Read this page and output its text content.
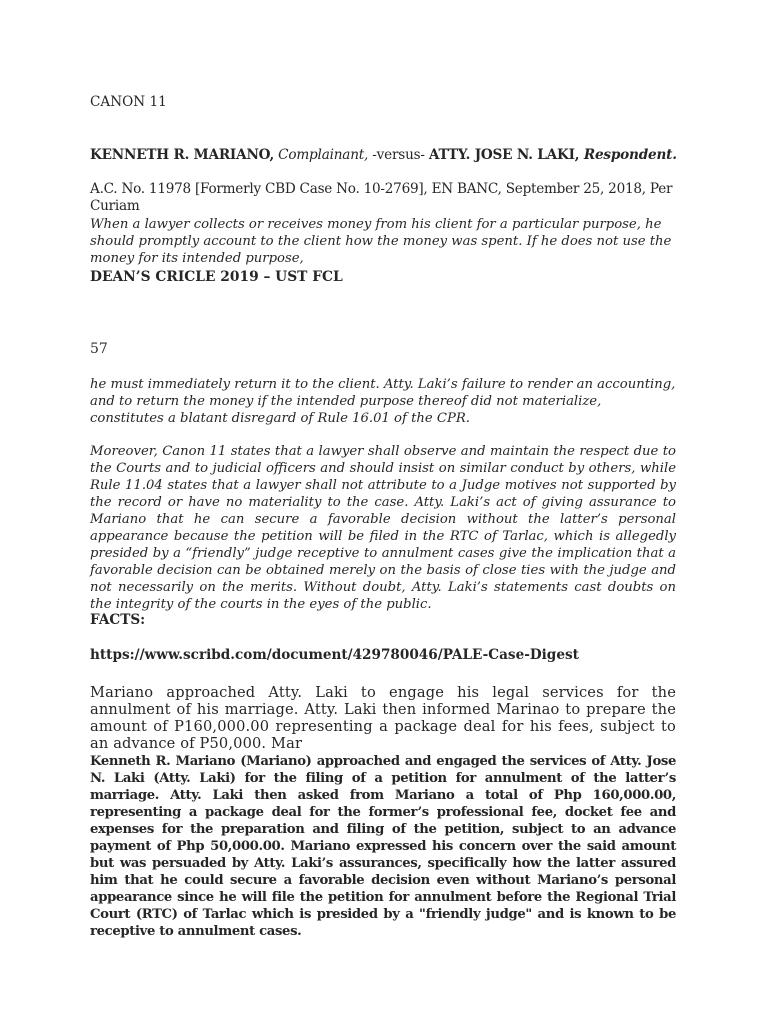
CANON 11

KENNETH R. MARIANO, Complainant, -versus- ATTY. JOSE N. LAKI, Respondent.

A.C. No. 11978 [Formerly CBD Case No. 10-2769], EN BANC, September 25, 2018, Per Curiam

When a lawyer collects or receives money from his client for a particular purpose, he should promptly account to the client how the money was spent. If he does not use the money for its intended purpose,

DEAN’S CRICLE 2019 – UST FCL

57

he must immediately return it to the client. Atty. Laki’s failure to render an accounting, and to return the money if the intended purpose thereof did not materialize, constitutes a blatant disregard of Rule 16.01 of the CPR.

Moreover, Canon 11 states that a lawyer shall observe and maintain the respect due to the Courts and to judicial officers and should insist on similar conduct by others, while Rule 11.04 states that a lawyer shall not attribute to a Judge motives not supported by the record or have no materiality to the case. Atty. Laki’s act of giving assurance to Mariano that he can secure a favorable decision without the latter’s personal appearance because the petition will be filed in the RTC of Tarlac, which is allegedly presided by a “friendly” judge receptive to annulment cases give the implication that a favorable decision can be obtained merely on the basis of close ties with the judge and not necessarily on the merits. Without doubt, Atty. Laki’s statements cast doubts on the integrity of the courts in the eyes of the public.

FACTS:

https://www.scribd.com/document/429780046/PALE-Case-Digest

Mariano approached Atty. Laki to engage his legal services for the annulment of his marriage. Atty. Laki then informed Marinao to prepare the amount of P160,000.00 representing a package deal for his fees, subject to an advance of P50,000. Mar

Kenneth R. Mariano (Mariano) approached and engaged the services of Atty. Jose N. Laki (Atty. Laki) for the filing of a petition for annulment of the latter’s marriage. Atty. Laki then asked from Mariano a total of Php 160,000.00, representing a package deal for the former’s professional fee, docket fee and expenses for the preparation and filing of the petition, subject to an advance payment of Php 50,000.00. Mariano expressed his concern over the said amount but was persuaded by Atty. Laki’s assurances, specifically how the latter assured him that he could secure a favorable decision even without Mariano’s personal appearance since he will file the petition for annulment before the Regional Trial Court (RTC) of Tarlac which is presided by a "friendly judge" and is known to be receptive to annulment cases.
